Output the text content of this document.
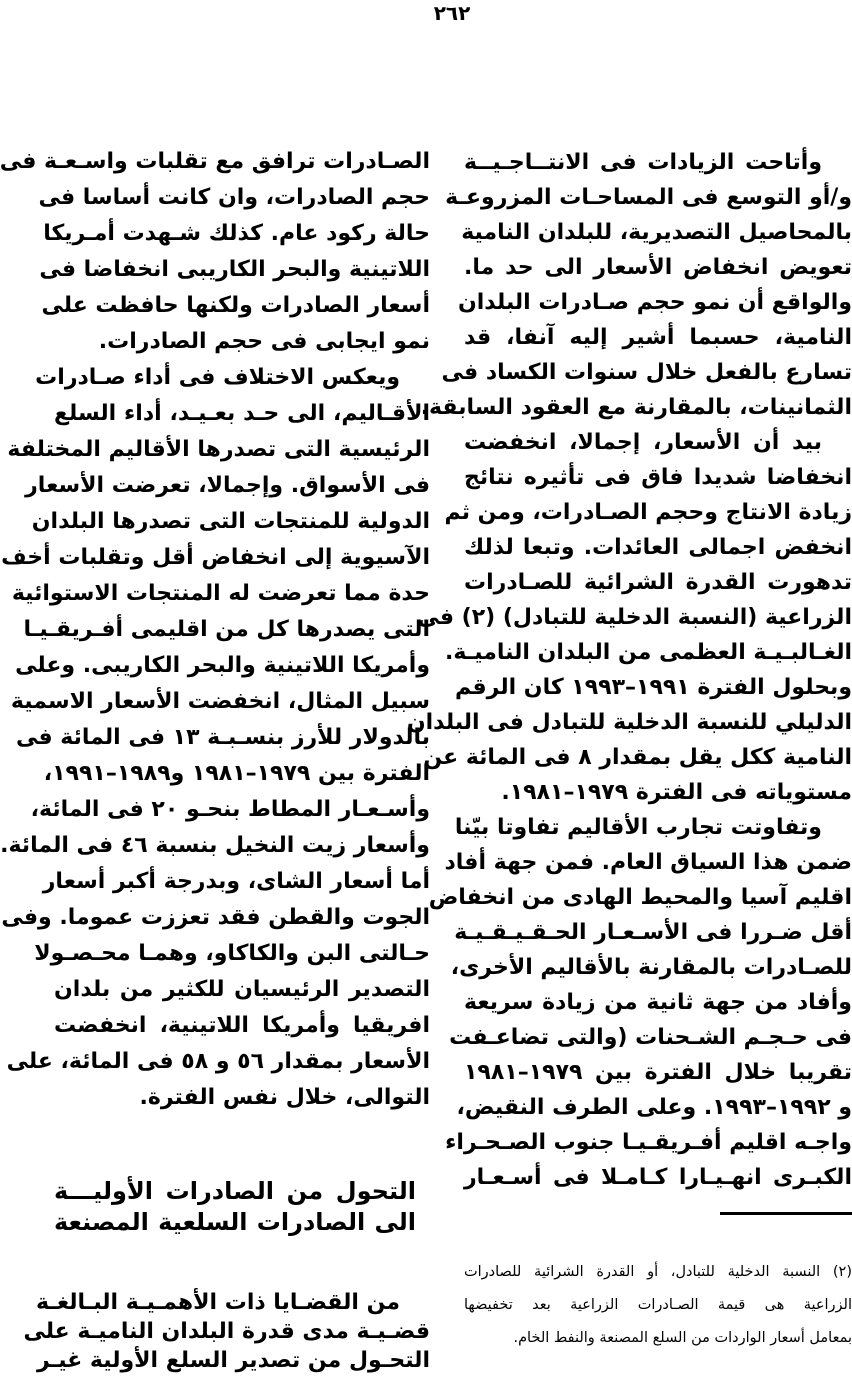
٢٦٢
وأتاحت الزيادات فى الانتــاجـيــة
و/أو التوسع فى المساحـات المزروعـة
بالمحاصيل التصديرية، للبلدان النامية
تعويض انخفاض الأسعار الى حد ما.
والواقع أن نمو حجم صـادرات البلدان
النامية، حسبما أشير إليه آنفا، قد
تسارع بالفعل خلال سنوات الكساد فى
الثمانينات، بالمقارنة مع العقود السابقة.
بيد أن الأسعار، إجمالا، انخفضت
انخفاضا شديدا فاق فى تأثيره نتائج
زيادة الانتاج وحجم الصـادرات، ومن ثم
انخفض اجمالى العائدات. وتبعا لذلك
تدهورت القدرة الشرائية للصـادرات
الزراعية (النسبة الدخلية للتبادل) (٢) فى
الغـالبـيـة العظمى من البلدان الناميـة.
وبحلول الفترة ١٩٩١–١٩٩٣ كان الرقم
الدليلي للنسبة الدخلية للتبادل فى البلدان
النامية ككل يقل بمقدار ٨ فى المائة عن
مستوياته فى الفترة ١٩٧٩–١٩٨١.
وتفاوتت تجارب الأقاليم تفاوتا بيّنا
ضمن هذا السياق العام. فمن جهة أفاد
اقليم آسيا والمحيط الهادى من انخفاض
أقل ضـررا فى الأسـعـار الحـقـيـقـيـة
للصـادرات بالمقارنة بالأقاليم الأخرى،
وأفاد من جهة ثانية من زيادة سريعة
فى حـجـم الشـحنات (والتى تضاعـفت
تقريبا خلال الفترة بين ١٩٧٩–١٩٨١
و ١٩٩٢–١٩٩٣. وعلى الطرف النقيض،
واجـه اقليم أفـريقـيـا جنوب الصـحـراء
الكبـرى انهـيـارا كـامـلا فى أسـعـار
الصـادرات ترافق مع تقلبات واسـعـة فى
حجم الصادرات، وان كانت أساسا فى
حالة ركود عام. كذلك شـهدت أمـريكا
اللاتينية والبحر الكاريبى انخفاضا فى
أسعار الصادرات ولكنها حافظت على
نمو ايجابى فى حجم الصادرات.
ويعكس الاختلاف فى أداء صـادرات
الأقـاليم، الى حـد بعـيـد، أداء السلع
الرئيسية التى تصدرها الأقاليم المختلفة
فى الأسواق. وإجمالا، تعرضت الأسعار
الدولية للمنتجات التى تصدرها البلدان
الآسيوية إلى انخفاض أقل وتقلبات أخف
حدة مما تعرضت له المنتجات الاستوائية
التى يصدرها كل من اقليمى أفـريقـيـا
وأمريكا اللاتينية والبحر الكاريبى. وعلى
سبيل المثال، انخفضت الأسعار الاسمية
بالدولار للأرز بنسـبـة ١٣ فى المائة فى
الفترة بين ١٩٧٩–١٩٨١ و١٩٨٩–١٩٩١،
وأسـعـار المطاط بنحـو ٢٠ فى المائة،
وأسعار زيت النخيل بنسبة ٤٦ فى المائة.
أما أسعار الشاى، وبدرجة أكبر أسعار
الجوت والقطن فقد تعززت عموما. وفى
حـالتى البن والكاكاو، وهمـا محـصـولا
التصدير الرئيسيان للكثير من بلدان
افريقيا وأمريكا اللاتينية، انخفضت
الأسعار بمقدار ٥٦ و ٥٨ فى المائة، على
التوالى، خلال نفس الفترة.
التحول من الصادرات الأوليـــة
الى الصادرات السلعية المصنعة
من القضـايا ذات الأهمـيـة البـالغـة
قضـيـة مدى قدرة البلدان الناميـة على
التحـول من تصدير السلع الأولية غيـر
(٢) النسبة الدخلية للتبادل، أو القدرة الشرائية للصادرات
الزراعية هى قيمة الصـادرات الزراعية بعد تخفيضها
بمعامل أسعار الواردات من السلع المصنعة والنفط الخام.
